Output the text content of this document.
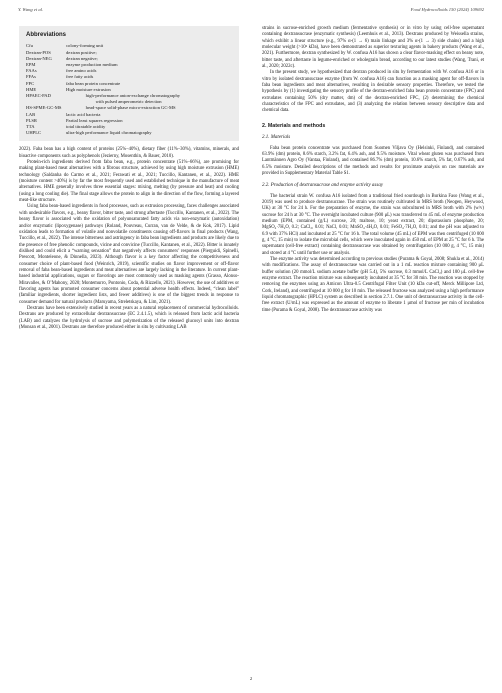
Y. Wang et al.	Food Hydrocolloids 150 (2024) 109692
Abbreviations
Cfu	colony-forming unit
Dextran-POS	dextran positive;
Dextran-NEG	dextran negative;
EPM	enzyme production medium
FAAs	free amino acids
FFAs	free fatty acids
FPC	faba bean protein concentrate
HME	High moisture extrusion
HPAEC-PAD	high-performance anion-exchange chromatography
	with pulsed amperometric detection
HS-SPME-GC-MS	head-space solid-phase micro-extraction GC-MS
LAB	lactic acid bacteria
PLSR	Partial least squares regression
TTA	total titratable acidity
UHPLC	ultra-high performance liquid chromatography

2022). Faba bean has a high content of proteins (25%–40%), dietary fiber (11%–30%), vitamins, minerals, and bioactive components such as polyphenols (Jezierny, Mosenthin, & Bauer, 2010).

Protein-rich ingredients derived from faba bean, e.g., protein concentrate (51%–66%), are promising for making plant-based meat alternatives with a fibrous structure, achieved by using high moisture extrusion (HME) technology (Saldanha do Carmo et al., 2021; Ferawati et al., 2021; Tuccillo, Kantanen, et al., 2022). HME (moisture content >40%) is by far the most frequently used and established technique in the manufacture of meat alternatives. HME generally involves three essential stages: mixing, melting (by pressure and heat) and cooling (using a long cooling die). The final stage allows the protein to align in the direction of the flow, forming a layered meat-like structure.

Using faba bean-based ingredients in food processes, such as extrusion processing, faces challenges associated with undesirable flavors, e.g., beany flavor, bitter taste, and strong aftertaste (Tuccillo, Kantanen, et al., 2022). The beany flavor is associated with the oxidation of polyunsaturated fatty acids via non-enzymatic (autoxidation) and/or enzymatic (lipoxygenase) pathways (Roland, Pouvreau, Curran, van de Velde, & de Kok, 2017). Lipid oxidation leads to formation of volatile and nonvolatile constituents causing off-flavors in final products (Wang, Tuccillo, et al., 2022). The intense bitterness and astringency in faba bean ingredients and products are likely due to the presence of free phenolic compounds, vicine and convicine (Tuccillo, Kantanen, et al., 2022). Bitter is innately disliked and could elicit a “warning sensation” that negatively affects consumers’ responses (Pierguidi, Spinelli, Prescott, Monteleone, & Dinnella, 2023). Although flavor is a key factor affecting the competitiveness and consumer choice of plant-based food (Weinrich, 2019), scientific studies on flavor improvement or off-flavor removal of faba bean-based ingredients and meat alternatives are largely lacking in the literature. In current plant-based industrial applications, sugars or flavorings are most commonly used as masking agents (Grasso, Alonso-Miravalles, & O’Mahony, 2020; Montemurro, Pontonio, Coda, & Rizzello, 2021). However, the use of additives or flavoring agents has promoted consumer concerns about potential adverse health effects. Indeed, “clean label” (familiar ingredients, shorter ingredient lists, and fewer additives) is one of the biggest trends in response to consumer demand for natural products (Maruyama, Streletskaya, & Lim, 2021).

Dextrans have been extensively studied in recent years as a natural replacement of commercial hydrocolloids. Dextrans are produced by extracellular dextransucrase (EC 2.4.1.5), which is released from lactic acid bacteria (LAB) and catalyzes the hydrolysis of sucrose and polymerization of the released glucosyl units into dextran (Monsan et al., 2001). Dextrans are therefore produced either in situ by cultivating LAB

strains in sucrose-enriched growth medium (fermentative synthesis) or in vitro by using cell-free supernatant containing dextransucrase (enzymatic synthesis) (Leemhuis et al., 2013). Dextrans produced by Weissella strains, which exhibit a linear structure (e.g., 97% α-(1 → 6) main linkage and 3% α-(1 → 3) side chains) and a high molecular weight (>10⁶ kDa), have been demonstrated as superior texturing agents in bakery products (Wang et al., 2021). Furthermore, dextran synthesized by W. confusa A16 has shown a clear flavor-masking effect on beany note, bitter taste, and aftertaste in legume-enriched or wholegrain bread, according to our latest studies (Wang, Trani, et al., 2020; 2022c).

In the present study, we hypothesized that dextran produced in situ by fermentation with W. confusa A16 or in vitro by isolated dextransucrase enzyme (from W. confusa A16) can function as a masking agent for off-flavors in faba bean ingredients and meat alternatives, resulting in desirable sensory properties. Therefore, we tested the hypothesis by (1) investigating the sensory profile of the dextran-enriched faba bean protein concentrate (FPC) and extrudates containing 50% (dry matter, dm) of the dextran-enriched FPC, (2) determining the chemical characteristics of the FPC and extrudates, and (3) analyzing the relation between sensory descriptive data and chemical data.

2. Materials and methods
2.1. Materials

Faba bean protein concentrate was purchased from Suomen Viljava Oy (Helsinki, Finland), and contained 63.9% (dm) protein, 8.6% starch, 3.2% fat, 6.4% ash, and 9.5% moisture. Vital wheat gluten was purchased from Lantmännen Agro Oy (Vantaa, Finland), and contained 86.7% (dm) protein, 10.6% starch, 5% fat, 0.67% ash, and 6.5% moisture. Detailed descriptions of the methods and results for proximate analysis on raw materials are provided in Supplementary Material Table S1.

2.2. Production of dextransucrase and enzyme activity assay

The bacterial strain W. confusa A16 isolated from a traditional fried sourdough in Burkina Faso (Wang et al., 2019) was used to produce dextransucrase. The strain was routinely cultivated in MRS broth (Neogen, Heywood, UK) at 30 °C for 24 h. For the preparation of enzyme, the strain was subcultured in MRS broth with 2% (w/v) sucrose for 24 h at 30 °C. The overnight incubated culture (900 μL) was transferred to 45 mL of enzyme production medium (EPM, contained (g/L) sucrose, 20; maltose, 10; yeast extract, 20; dipotassium phosphate, 20; MgSO₄·7H₂O, 0.2; CaCl₂, 0.01; NaCl, 0.01; MnSO₄·4H₂O, 0.01; FeSO₄·7H₂O, 0.01; and the pH was adjusted to 6.9 with 37% HCl) and incubated at 25 °C for 16 h. The total volume (45 mL) of EPM was then centrifuged (10 000 g, 4 °C, 15 min) to isolate the microbial cells, which were inoculated again in 450 mL of EPM at 25 °C for 6 h. The supernatant (cell-free extract) containing dextransucrase was obtained by centrifugation (10 000 g, 4 °C, 15 min) and stored at 4 °C until further use or analysis.

The enzyme activity was determined according to previous studies (Purama & Goyal, 2008; Shukla et al., 2014) with modifications. The assay of dextransucrase was carried out in a 1 mL reaction mixture containing 900 μL buffer solution (20 mmol/L sodium acetate buffer (pH 5.4), 5% sucrose, 0.3 mmol/L CaCl₂) and 100 μL cell-free enzyme extract. The reaction mixture was subsequently incubated at 35 °C for 30 min. The reaction was stopped by removing the enzymes using an Amicon Ultra-0.5 Centrifugal Filter Unit (10 kDa cut-off, Merck Millipore Ltd, Cork, Ireland), and centrifuged at 10 000 g for 10 min. The released fructose was analyzed using a high performance liquid chromatographic (HPLC) system as described in section 2.7.1. One unit of dextransucrase activity in the cell-free extract (U/mL) was expressed as the amount of enzyme to liberate 1 μmol of fructose per min of incubation time (Purama & Goyal, 2008). The dextransucrase activity was

2
